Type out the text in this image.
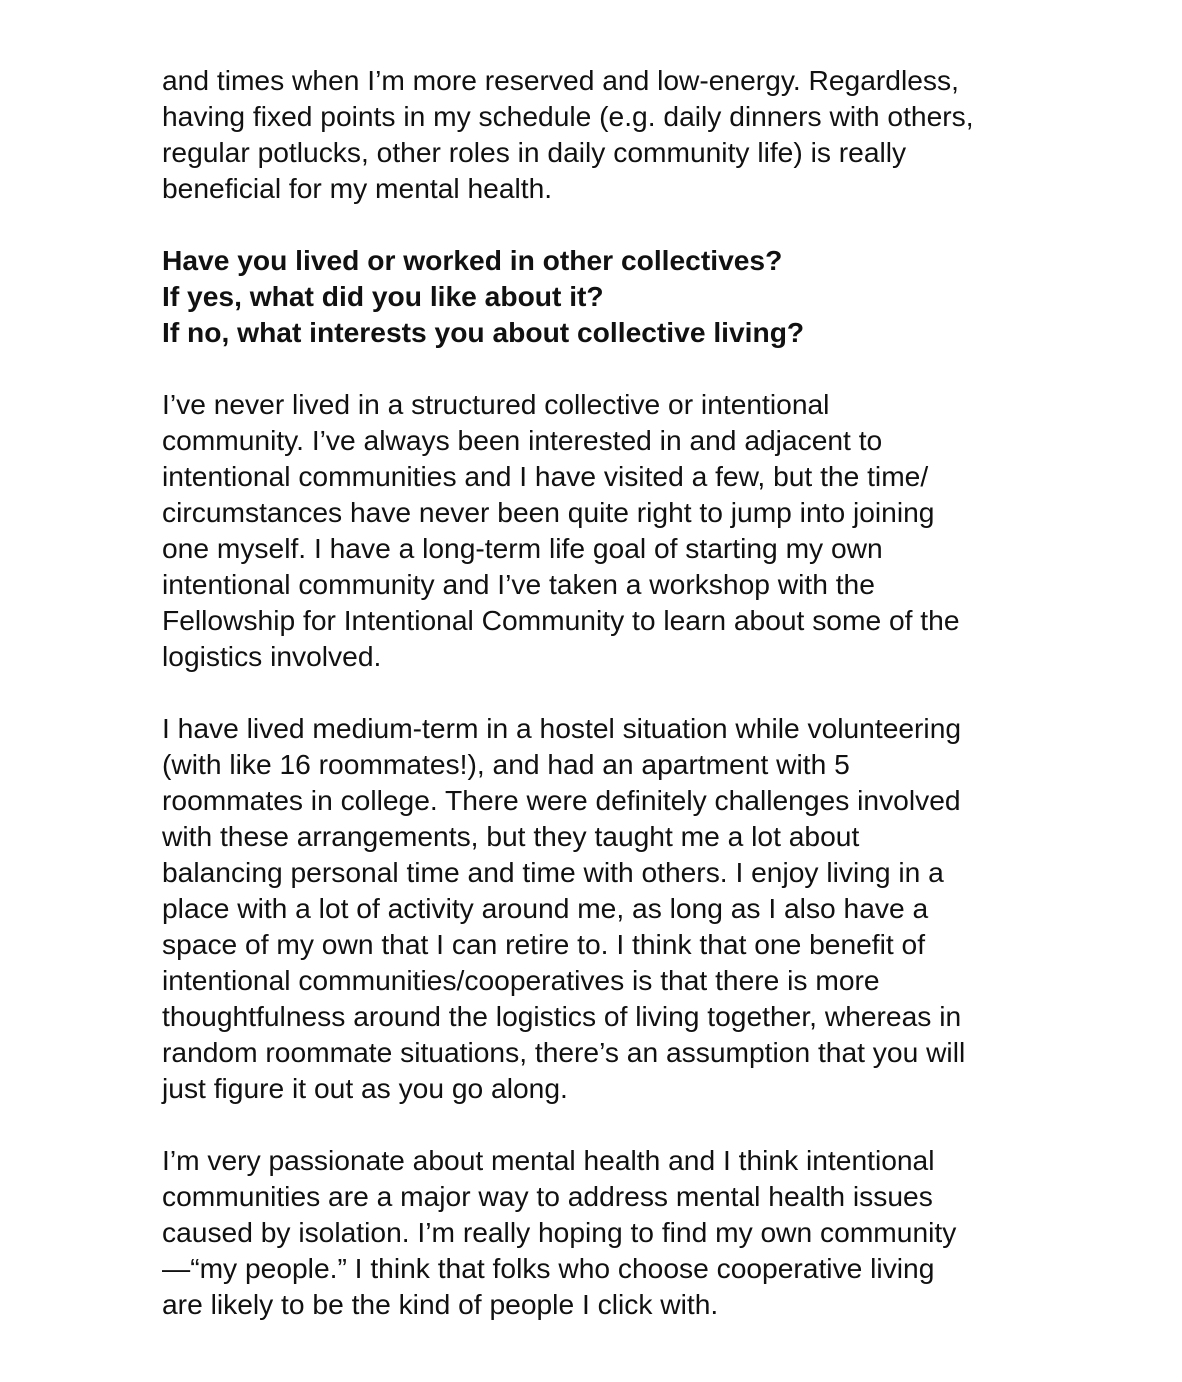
and times when I’m more reserved and low-energy. Regardless,
having fixed points in my schedule (e.g. daily dinners with others,
regular potlucks, other roles in daily community life) is really
beneficial for my mental health.
Have you lived or worked in other collectives?
If yes, what did you like about it?
If no, what interests you about collective living?
I’ve never lived in a structured collective or intentional
community. I’ve always been interested in and adjacent to
intentional communities and I have visited a few, but the time/
circumstances have never been quite right to jump into joining
one myself. I have a long-term life goal of starting my own
intentional community and I’ve taken a workshop with the
Fellowship for Intentional Community to learn about some of the
logistics involved.
I have lived medium-term in a hostel situation while volunteering
(with like 16 roommates!), and had an apartment with 5
roommates in college. There were definitely challenges involved
with these arrangements, but they taught me a lot about
balancing personal time and time with others. I enjoy living in a
place with a lot of activity around me, as long as I also have a
space of my own that I can retire to. I think that one benefit of
intentional communities/cooperatives is that there is more
thoughtfulness around the logistics of living together, whereas in
random roommate situations, there’s an assumption that you will
just figure it out as you go along.
I’m very passionate about mental health and I think intentional
communities are a major way to address mental health issues
caused by isolation. I’m really hoping to find my own community
—“my people.” I think that folks who choose cooperative living
are likely to be the kind of people I click with.
